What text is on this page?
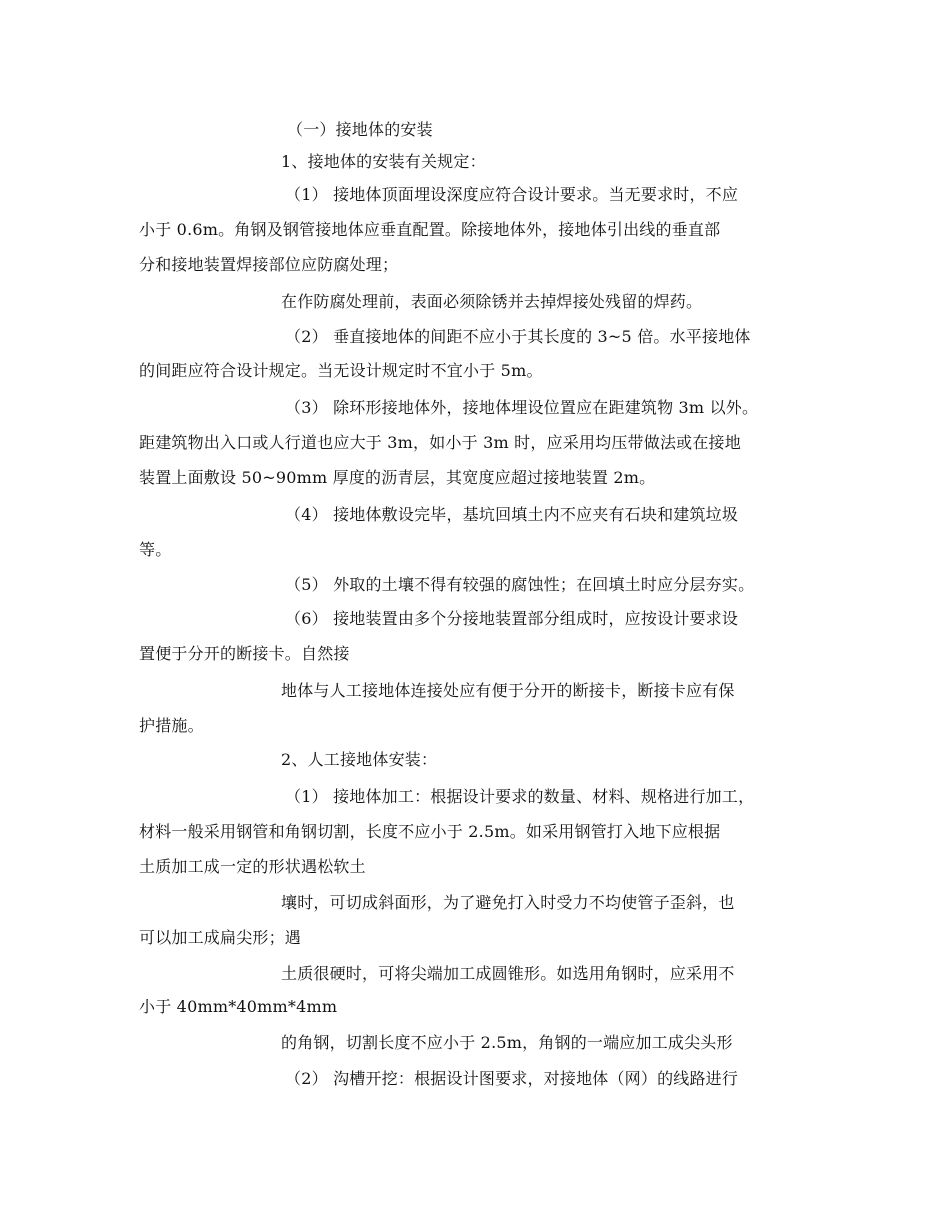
（一）接地体的安装
1、接地体的安装有关规定：
（1） 接地体顶面埋设深度应符合设计要求。当无要求时，不应
小于 0.6m。角钢及钢管接地体应垂直配置。除接地体外，接地体引出线的垂直部
分和接地装置焊接部位应防腐处理；
在作防腐处理前，表面必须除锈并去掉焊接处残留的焊药。
（2） 垂直接地体的间距不应小于其长度的 3~5 倍。水平接地体
的间距应符合设计规定。当无设计规定时不宜小于 5m。
（3） 除环形接地体外，接地体埋设位置应在距建筑物 3m 以外。
距建筑物出入口或人行道也应大于 3m，如小于 3m 时，应采用均压带做法或在接地
装置上面敷设 50~90mm 厚度的沥青层，其宽度应超过接地装置 2m。
（4） 接地体敷设完毕，基坑回填土内不应夹有石块和建筑垃圾
等。
（5） 外取的土壤不得有较强的腐蚀性；在回填土时应分层夯实。
（6） 接地装置由多个分接地装置部分组成时，应按设计要求设
置便于分开的断接卡。自然接
地体与人工接地体连接处应有便于分开的断接卡，断接卡应有保
护措施。
2、人工接地体安装：
（1） 接地体加工：根据设计要求的数量、材料、规格进行加工，
材料一般采用钢管和角钢切割，长度不应小于 2.5m。如采用钢管打入地下应根据
土质加工成一定的形状遇松软土
壤时，可切成斜面形，为了避免打入时受力不均使管子歪斜，也
可以加工成扁尖形；遇
土质很硬时，可将尖端加工成圆锥形。如选用角钢时，应采用不
小于 40mm*40mm*4mm
的角钢，切割长度不应小于 2.5m，角钢的一端应加工成尖头形
（2） 沟槽开挖：根据设计图要求，对接地体（网）的线路进行
